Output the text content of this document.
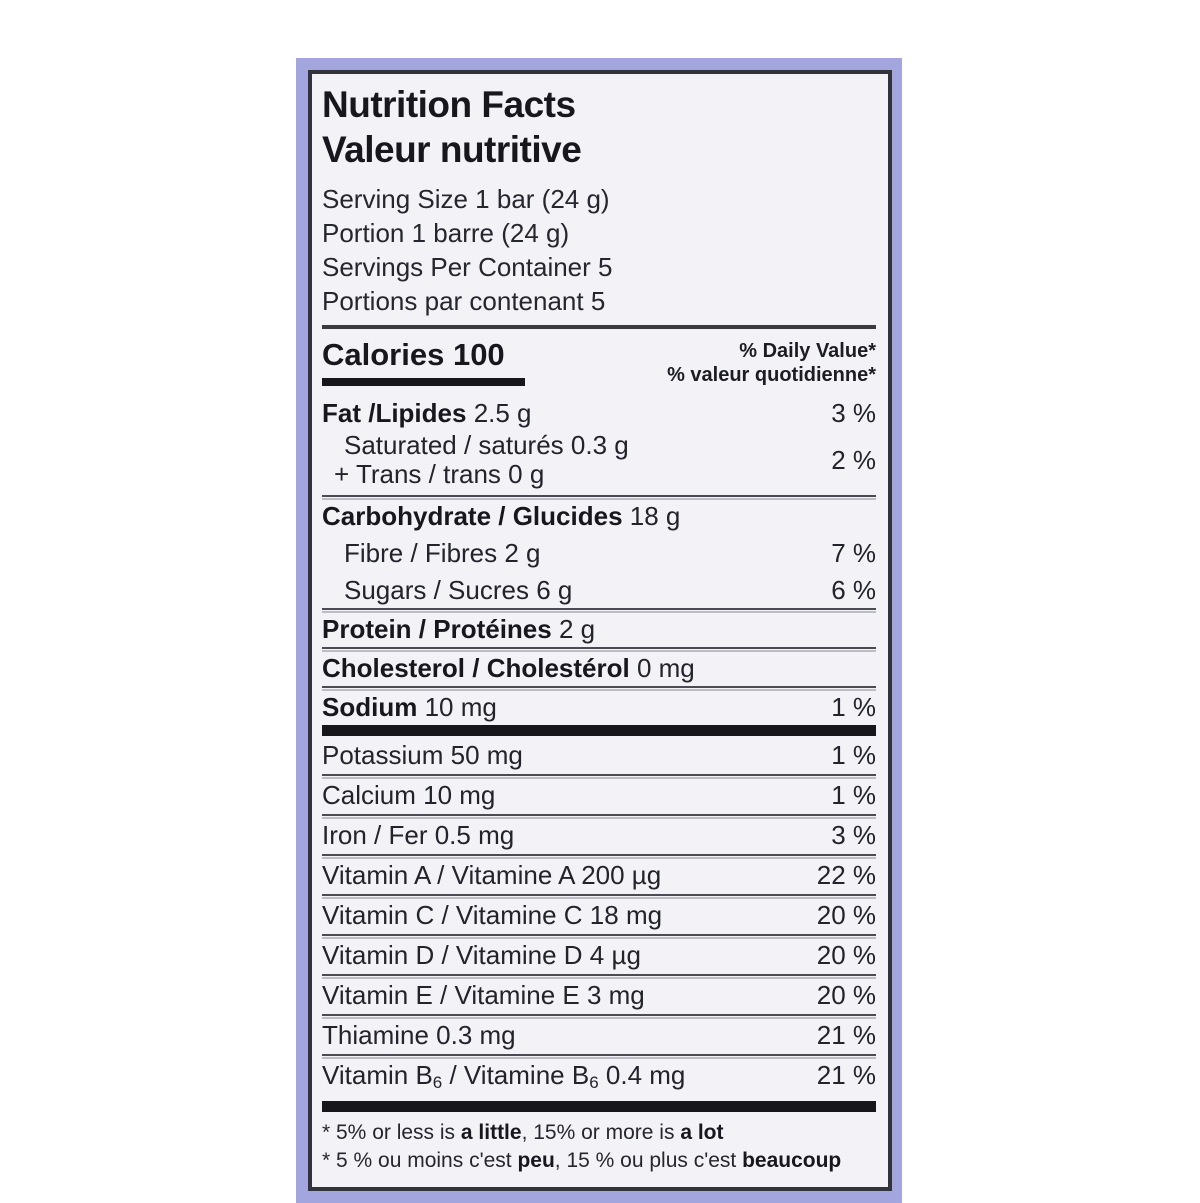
Nutrition Facts
Valeur nutritive
Serving Size 1 bar (24 g)
Portion 1 barre (24 g)
Servings Per Container 5
Portions par contenant 5
Calories 100	% Daily Value*
% valeur quotidienne*
Fat /Lipides 2.5 g	3 %
Saturated / saturés 0.3 g
+ Trans / trans 0 g	2 %
Carbohydrate / Glucides 18 g
Fibre / Fibres 2 g	7 %
Sugars / Sucres 6 g	6 %
Protein / Protéines 2 g
Cholesterol / Cholestérol 0 mg
Sodium 10 mg	1 %
Potassium 50 mg	1 %
Calcium 10 mg	1 %
Iron / Fer 0.5 mg	3 %
Vitamin A / Vitamine A 200 µg	22 %
Vitamin C / Vitamine C 18 mg	20 %
Vitamin D / Vitamine D 4 µg	20 %
Vitamin E / Vitamine E 3 mg	20 %
Thiamine 0.3 mg	21 %
Vitamin $B_6$ / Vitamine $B_6$ 0.4 mg	21 %
* 5% or less is a little, 15% or more is a lot
* 5 % ou moins c'est peu, 15 % ou plus c'est beaucoup
